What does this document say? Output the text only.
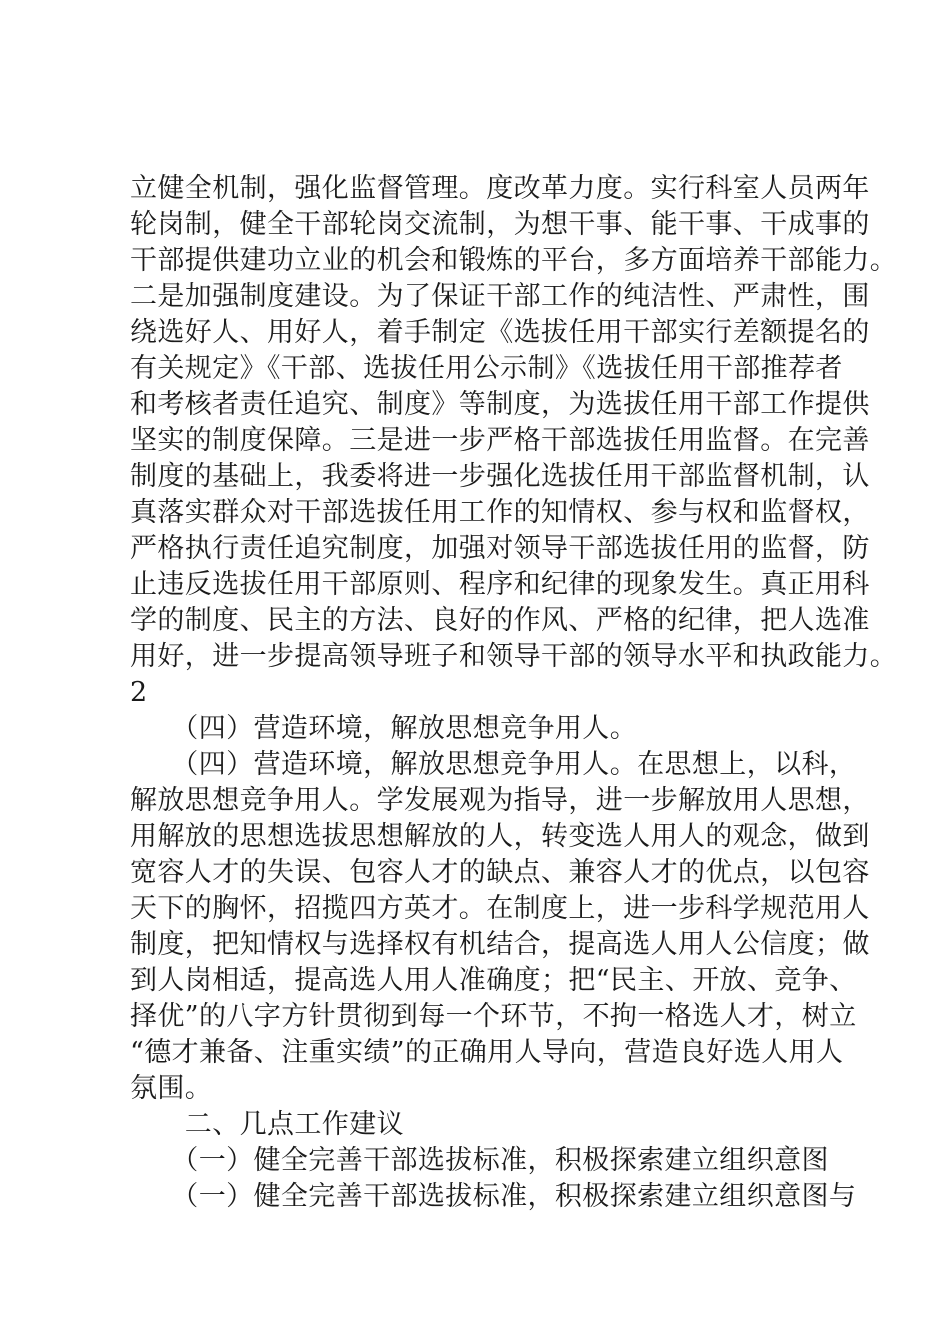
立健全机制，强化监督管理。度改革力度。实行科室人员两年
轮岗制，健全干部轮岗交流制，为想干事、能干事、干成事的
干部提供建功立业的机会和锻炼的平台，多方面培养干部能力。
二是加强制度建设。为了保证干部工作的纯洁性、严肃性，围
绕选好人、用好人，着手制定《选拔任用干部实行差额提名的
有关规定》《干部、选拔任用公示制》《选拔任用干部推荐者
和考核者责任追究、制度》等制度，为选拔任用干部工作提供
坚实的制度保障。三是进一步严格干部选拔任用监督。在完善
制度的基础上，我委将进一步强化选拔任用干部监督机制，认
真落实群众对干部选拔任用工作的知情权、参与权和监督权，
严格执行责任追究制度，加强对领导干部选拔任用的监督，防
止违反选拔任用干部原则、程序和纪律的现象发生。真正用科
学的制度、民主的方法、良好的作风、严格的纪律，把人选准
用好，进一步提高领导班子和领导干部的领导水平和执政能力。
2
　　（四）营造环境，解放思想竞争用人。
　　（四）营造环境，解放思想竞争用人。在思想上，以科，
解放思想竞争用人。学发展观为指导，进一步解放用人思想，
用解放的思想选拔思想解放的人，转变选人用人的观念，做到
宽容人才的失误、包容人才的缺点、兼容人才的优点，以包容
天下的胸怀，招揽四方英才。在制度上，进一步科学规范用人
制度，把知情权与选择权有机结合，提高选人用人公信度；做
到人岗相适，提高选人用人准确度；把“民主、开放、竞争、
择优”的八字方针贯彻到每一个环节，不拘一格选人才，树立
“德才兼备、注重实绩”的正确用人导向，营造良好选人用人
氛围。
　　二、几点工作建议
　　（一）健全完善干部选拔标准，积极探索建立组织意图
　　（一）健全完善干部选拔标准，积极探索建立组织意图与
